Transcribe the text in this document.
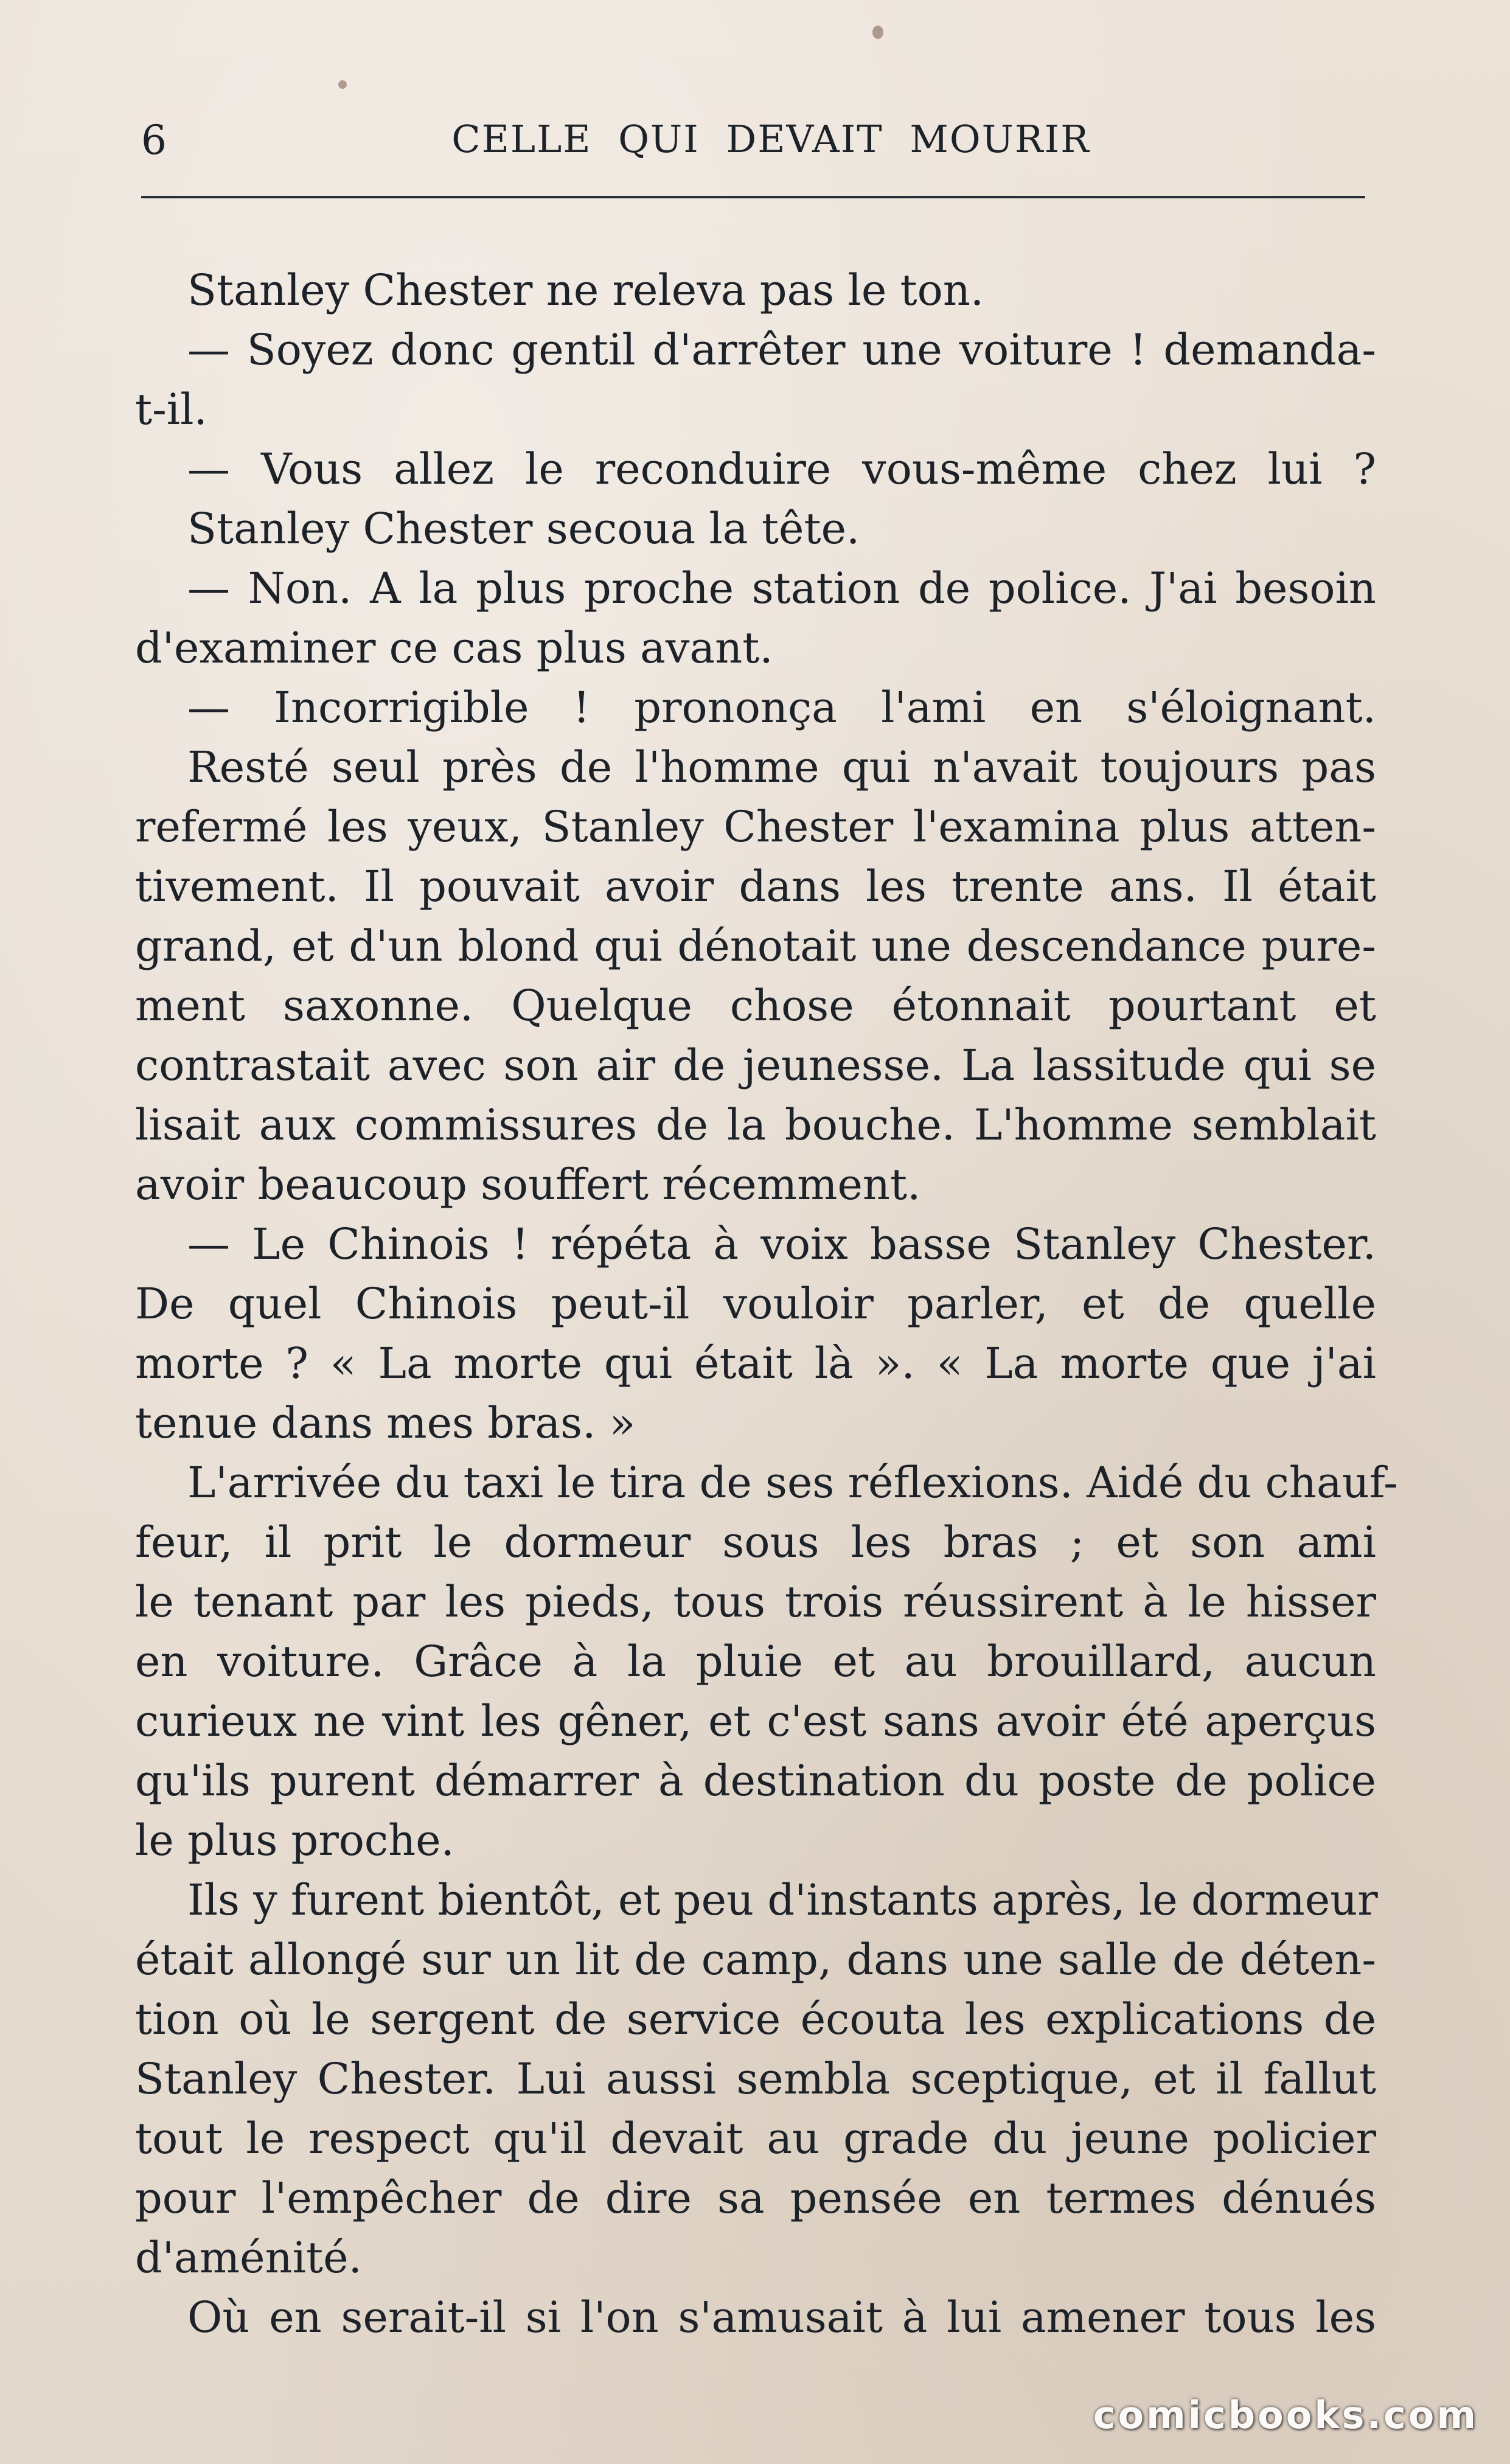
6	CELLE QUI DEVAIT MOURIR
Stanley Chester ne releva pas le ton.
— Soyez donc gentil d'arrêter une voiture ! demanda-
t-il.
— Vous allez le reconduire vous-même chez lui ?
Stanley Chester secoua la tête.
— Non. A la plus proche station de police. J'ai besoin
d'examiner ce cas plus avant.
— Incorrigible ! prononça l'ami en s'éloignant.
Resté seul près de l'homme qui n'avait toujours pas
refermé les yeux, Stanley Chester l'examina plus atten-
tivement. Il pouvait avoir dans les trente ans. Il était
grand, et d'un blond qui dénotait une descendance pure-
ment saxonne. Quelque chose étonnait pourtant et
contrastait avec son air de jeunesse. La lassitude qui se
lisait aux commissures de la bouche. L'homme semblait
avoir beaucoup souffert récemment.
— Le Chinois ! répéta à voix basse Stanley Chester.
De quel Chinois peut-il vouloir parler, et de quelle
morte ? « La morte qui était là ». « La morte que j'ai
tenue dans mes bras. »
L'arrivée du taxi le tira de ses réflexions. Aidé du chauf-
feur, il prit le dormeur sous les bras ; et son ami
le tenant par les pieds, tous trois réussirent à le hisser
en voiture. Grâce à la pluie et au brouillard, aucun
curieux ne vint les gêner, et c'est sans avoir été aperçus
qu'ils purent démarrer à destination du poste de police
le plus proche.
Ils y furent bientôt, et peu d'instants après, le dormeur
était allongé sur un lit de camp, dans une salle de déten-
tion où le sergent de service écouta les explications de
Stanley Chester. Lui aussi sembla sceptique, et il fallut
tout le respect qu'il devait au grade du jeune policier
pour l'empêcher de dire sa pensée en termes dénués
d'aménité.
Où en serait-il si l'on s'amusait à lui amener tous les
comicbooks.com
